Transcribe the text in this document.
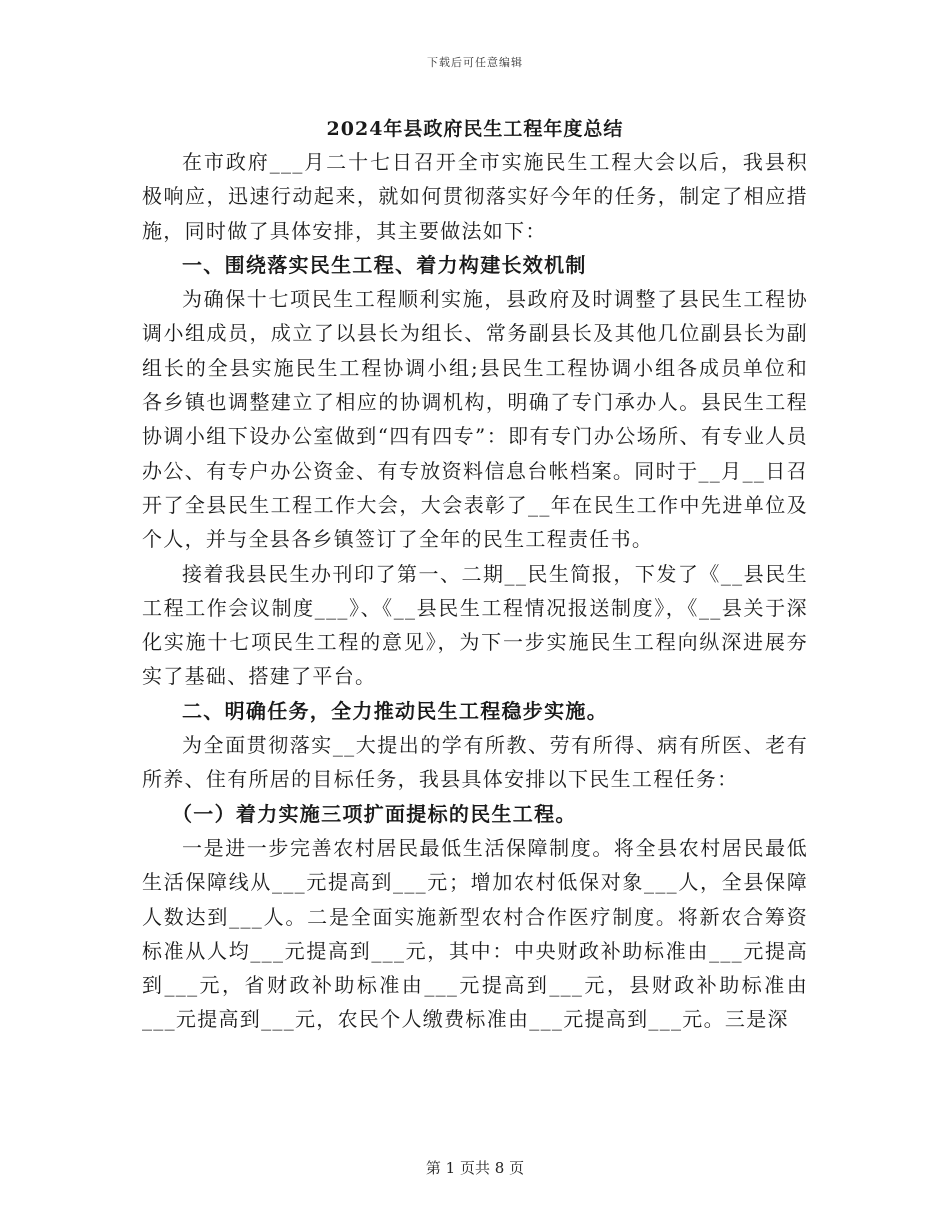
下载后可任意编辑
2024年县政府民生工程年度总结

在市政府___月二十七日召开全市实施民生工程大会以后，我县积极响应，迅速行动起来，就如何贯彻落实好今年的任务，制定了相应措施，同时做了具体安排，其主要做法如下：

一、围绕落实民生工程、着力构建长效机制

为确保十七项民生工程顺利实施，县政府及时调整了县民生工程协调小组成员，成立了以县长为组长、常务副县长及其他几位副县长为副组长的全县实施民生工程协调小组;县民生工程协调小组各成员单位和各乡镇也调整建立了相应的协调机构，明确了专门承办人。县民生工程协调小组下设办公室做到“四有四专”：即有专门办公场所、有专业人员办公、有专户办公资金、有专放资料信息台帐档案。同时于__月__日召开了全县民生工程工作大会，大会表彰了__年在民生工作中先进单位及个人，并与全县各乡镇签订了全年的民生工程责任书。

接着我县民生办刊印了第一、二期__民生简报，下发了《__县民生工程工作会议制度___》、《__县民生工程情况报送制度》，《__县关于深化实施十七项民生工程的意见》，为下一步实施民生工程向纵深进展夯实了基础、搭建了平台。

二、明确任务，全力推动民生工程稳步实施。

为全面贯彻落实__大提出的学有所教、劳有所得、病有所医、老有所养、住有所居的目标任务，我县具体安排以下民生工程任务：

（一）着力实施三项扩面提标的民生工程。

一是进一步完善农村居民最低生活保障制度。将全县农村居民最低生活保障线从___元提高到___元；增加农村低保对象___人，全县保障人数达到___人。二是全面实施新型农村合作医疗制度。将新农合筹资标准从人均___元提高到___元，其中：中央财政补助标准由___元提高到___元，省财政补助标准由___元提高到___元，县财政补助标准由___元提高到___元，农民个人缴费标准由___元提高到___元。三是深

第 1 页共 8 页
